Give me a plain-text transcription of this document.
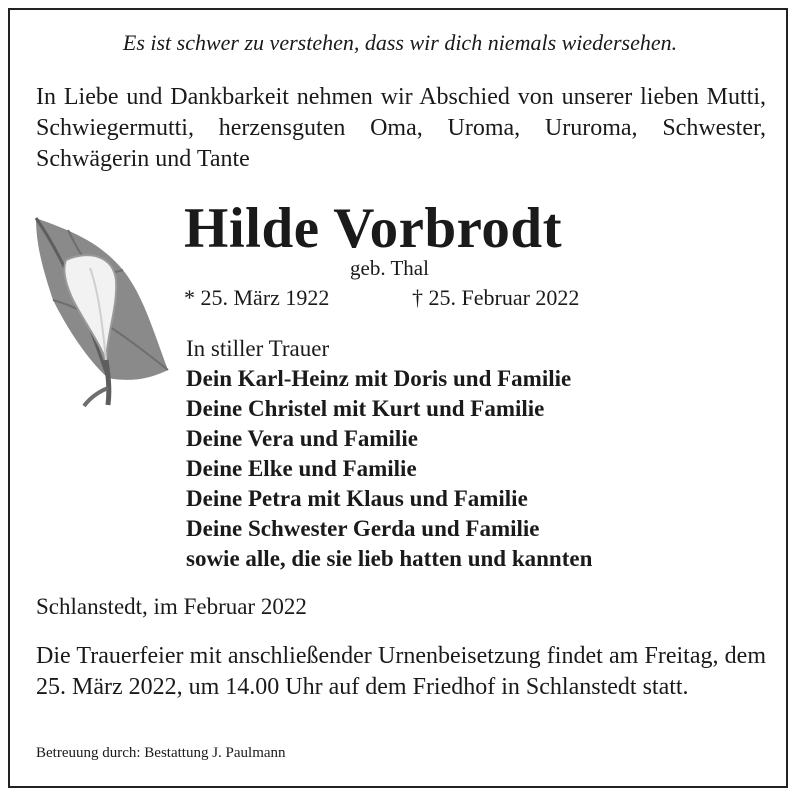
Es ist schwer zu verstehen, dass wir dich niemals wiedersehen.

In Liebe und Dankbarkeit nehmen wir Abschied von unserer lieben Mutti, Schwiegermutti, herzensguten Oma, Uroma, Ururoma, Schwester, Schwägerin und Tante

Hilde Vorbrodt

geb. Thal

* 25. März 1922	† 25. Februar 2022

In stiller Trauer

Dein Karl-Heinz mit Doris und Familie
Deine Christel mit Kurt und Familie
Deine Vera und Familie
Deine Elke und Familie
Deine Petra mit Klaus und Familie
Deine Schwester Gerda und Familie
sowie alle, die sie lieb hatten und kannten

Schlanstedt, im Februar 2022

Die Trauerfeier mit anschließender Urnenbeisetzung findet am Freitag, dem 25. März 2022, um 14.00 Uhr auf dem Friedhof in Schlanstedt statt.

Betreuung durch: Bestattung J. Paulmann
